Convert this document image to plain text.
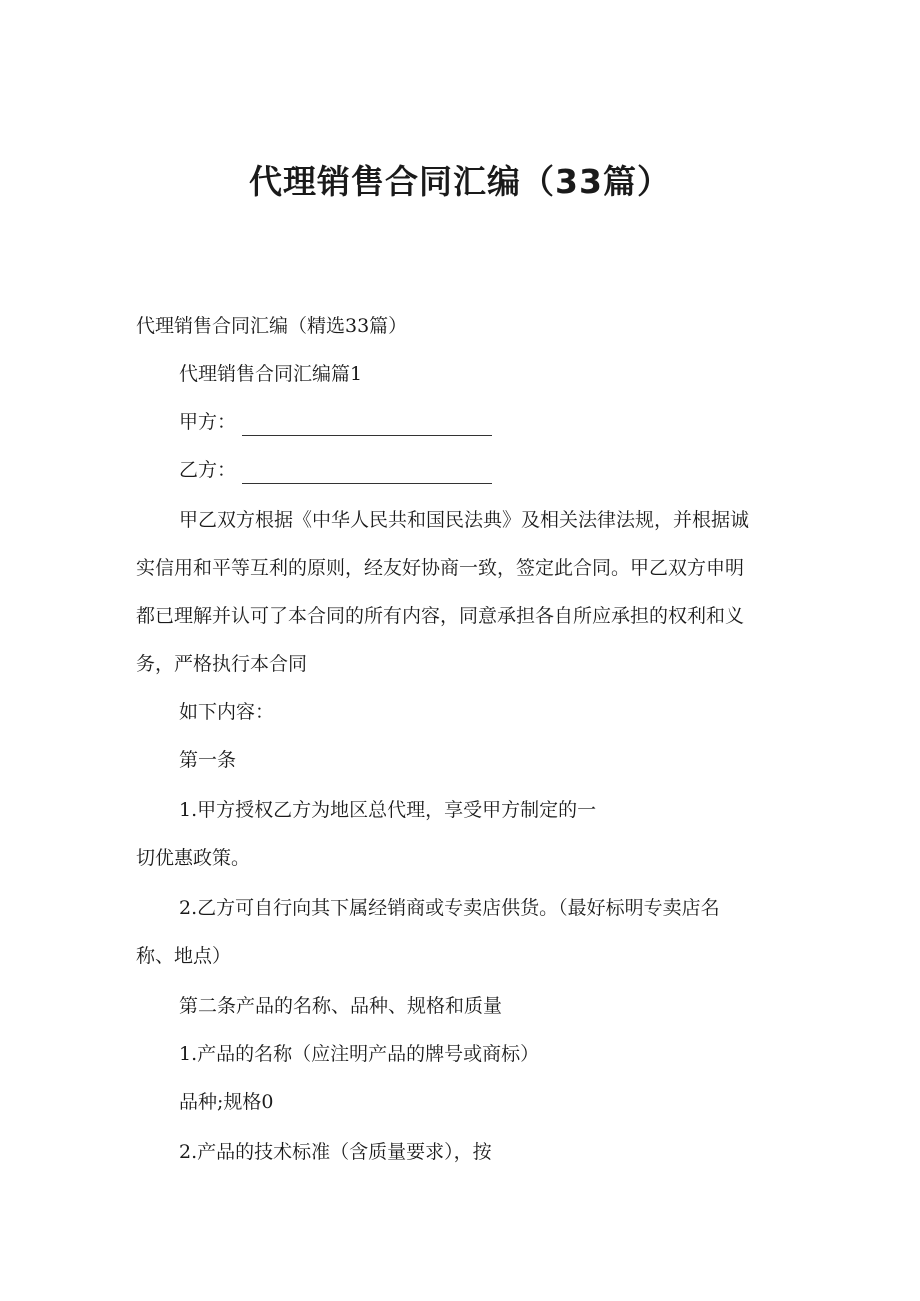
代理销售合同汇编（33篇）

代理销售合同汇编（精选33篇）

代理销售合同汇编篇1

甲方：

乙方：

甲乙双方根据《中华人民共和国民法典》及相关法律法规，并根据诚

实信用和平等互利的原则，经友好协商一致，签定此合同。甲乙双方申明

都已理解并认可了本合同的所有内容，同意承担各自所应承担的权利和义

务，严格执行本合同

如下内容：

第一条

1.甲方授权乙方为地区总代理，享受甲方制定的一

切优惠政策。

2.乙方可自行向其下属经销商或专卖店供货。（最好标明专卖店名

称、地点）

第二条产品的名称、品种、规格和质量

1.产品的名称（应注明产品的牌号或商标）

品种;规格0

2.产品的技术标准（含质量要求），按
